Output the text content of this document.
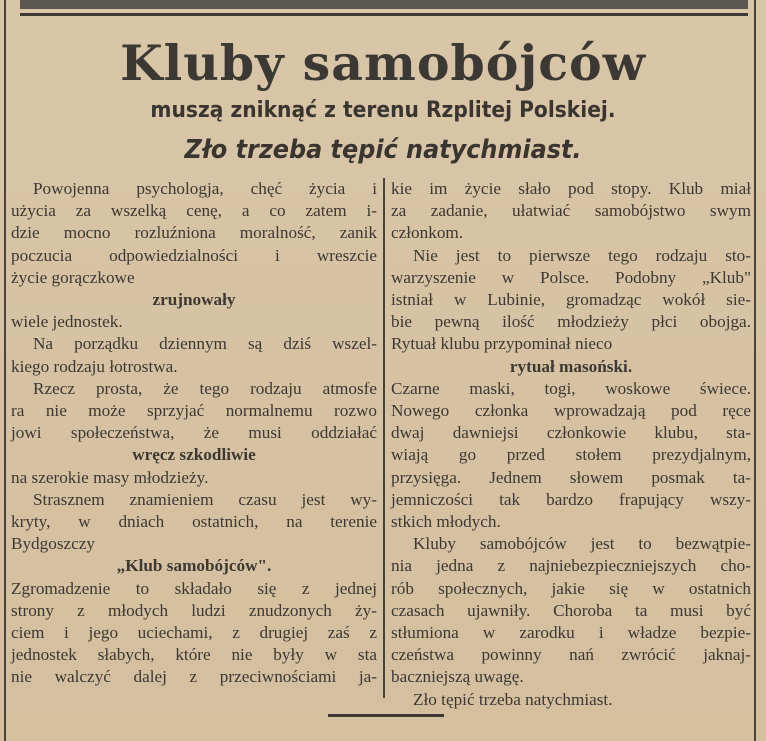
Kluby samobójców
muszą zniknąć z terenu Rzplitej Polskiej.
Zło trzeba tępić natychmiast.
Powojenna psychologja, chęć życia i
użycia za wszelką cenę, a co zatem i-
dzie mocno rozluźniona moralność, zanik
poczucia odpowiedzialności i wreszcie
życie gorączkowe
zrujnowały
wiele jednostek.
Na porządku dziennym są dziś wszel-
kiego rodzaju łotrostwa.
Rzecz prosta, że tego rodzaju atmosfe
ra nie może sprzyjać normalnemu rozwo
jowi społeczeństwa, że musi oddziałać
wręcz szkodliwie
na szerokie masy młodzieży.
Strasznem znamieniem czasu jest wy-
kryty, w dniach ostatnich, na terenie
Bydgoszczy
„Klub samobójców".
Zgromadzenie to składało się z jednej
strony z młodych ludzi znudzonych ży-
ciem i jego uciechami, z drugiej zaś z
jednostek słabych, które nie były w sta
nie walczyć dalej z przeciwnościami ja-
kie im życie słało pod stopy. Klub miał
za zadanie, ułatwiać samobójstwo swym
członkom.
Nie jest to pierwsze tego rodzaju sto-
warzyszenie w Polsce. Podobny „Klub"
istniał w Lubinie, gromadząc wokół sie-
bie pewną ilość młodzieży płci obojga.
Rytuał klubu przypominał nieco
rytuał masoński.
Czarne maski, togi, woskowe świece.
Nowego członka wprowadzają pod ręce
dwaj dawniejsi członkowie klubu, sta-
wiają go przed stołem prezydjalnym,
przysięga. Jednem słowem posmak ta-
jemniczości tak bardzo frapujący wszy-
stkich młodych.
Kluby samobójców jest to bezwątpie-
nia jedna z najniebezpieczniejszych cho-
rób społecznych, jakie się w ostatnich
czasach ujawniły. Choroba ta musi być
stłumiona w zarodku i władze bezpie-
czeństwa powinny nań zwrócić jaknaj-
baczniejszą uwagę.
Zło tępić trzeba natychmiast.
